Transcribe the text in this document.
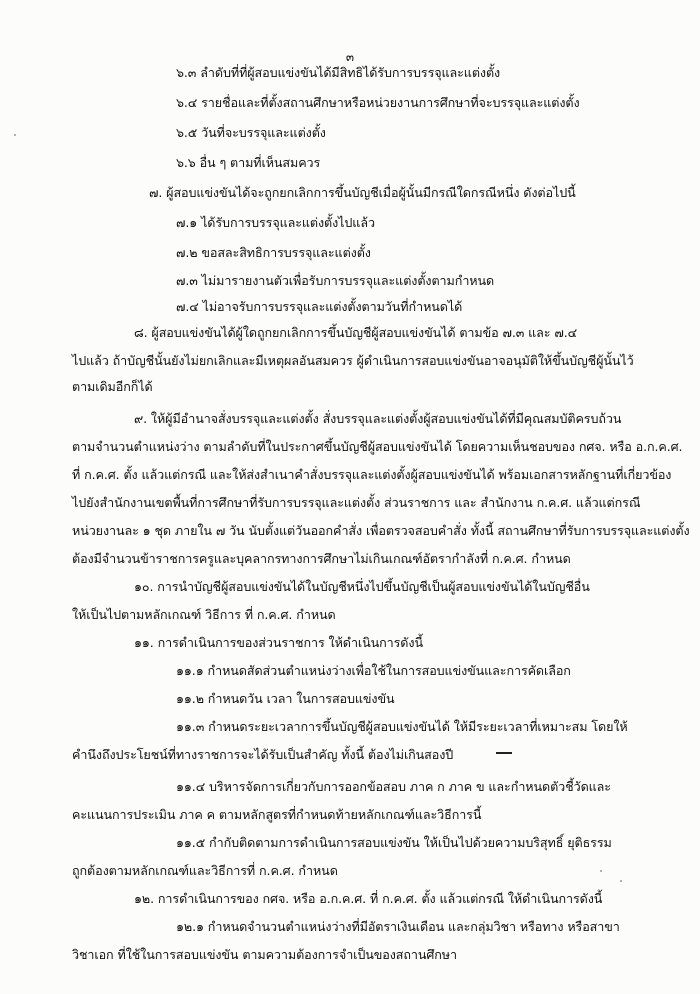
๓
๖.๓ ลำดับที่ที่ผู้สอบแข่งขันได้มีสิทธิได้รับการบรรจุและแต่งตั้ง
๖.๔ รายชื่อและที่ตั้งสถานศึกษาหรือหน่วยงานการศึกษาที่จะบรรจุและแต่งตั้ง
๖.๕ วันที่จะบรรจุและแต่งตั้ง
๖.๖ อื่น ๆ ตามที่เห็นสมควร
๗. ผู้สอบแข่งขันได้จะถูกยกเลิกการขึ้นบัญชีเมื่อผู้นั้นมีกรณีใดกรณีหนึ่ง ดังต่อไปนี้
๗.๑ ได้รับการบรรจุและแต่งตั้งไปแล้ว
๗.๒ ขอสละสิทธิการบรรจุและแต่งตั้ง
๗.๓ ไม่มารายงานตัวเพื่อรับการบรรจุและแต่งตั้งตามกำหนด
๗.๔ ไม่อาจรับการบรรจุและแต่งตั้งตามวันที่กำหนดได้
๘. ผู้สอบแข่งขันได้ผู้ใดถูกยกเลิกการขึ้นบัญชีผู้สอบแข่งขันได้ ตามข้อ ๗.๓ และ ๗.๔
ไปแล้ว ถ้าบัญชีนั้นยังไม่ยกเลิกและมีเหตุผลอันสมควร ผู้ดำเนินการสอบแข่งขันอาจอนุมัติให้ขึ้นบัญชีผู้นั้นไว้
ตามเดิมอีกก็ได้
๙. ให้ผู้มีอำนาจสั่งบรรจุและแต่งตั้ง สั่งบรรจุและแต่งตั้งผู้สอบแข่งขันได้ที่มีคุณสมบัติครบถ้วน
ตามจำนวนตำแหน่งว่าง ตามลำดับที่ในประกาศขึ้นบัญชีผู้สอบแข่งขันได้ โดยความเห็นชอบของ กศจ. หรือ อ.ก.ค.ศ.
ที่ ก.ค.ศ. ตั้ง แล้วแต่กรณี และให้ส่งสำเนาคำสั่งบรรจุและแต่งตั้งผู้สอบแข่งขันได้ พร้อมเอกสารหลักฐานที่เกี่ยวข้อง
ไปยังสำนักงานเขตพื้นที่การศึกษาที่รับการบรรจุและแต่งตั้ง ส่วนราชการ และ สำนักงาน ก.ค.ศ. แล้วแต่กรณี
หน่วยงานละ ๑ ชุด ภายใน ๗ วัน นับตั้งแต่วันออกคำสั่ง เพื่อตรวจสอบคำสั่ง ทั้งนี้ สถานศึกษาที่รับการบรรจุและแต่งตั้ง
ต้องมีจำนวนข้าราชการครูและบุคลากรทางการศึกษาไม่เกินเกณฑ์อัตรากำลังที่ ก.ค.ศ. กำหนด
๑๐. การนำบัญชีผู้สอบแข่งขันได้ในบัญชีหนึ่งไปขึ้นบัญชีเป็นผู้สอบแข่งขันได้ในบัญชีอื่น
ให้เป็นไปตามหลักเกณฑ์ วิธีการ ที่ ก.ค.ศ. กำหนด
๑๑. การดำเนินการของส่วนราชการ ให้ดำเนินการดังนี้
๑๑.๑ กำหนดสัดส่วนตำแหน่งว่างเพื่อใช้ในการสอบแข่งขันและการคัดเลือก
๑๑.๒ กำหนดวัน เวลา ในการสอบแข่งขัน
๑๑.๓ กำหนดระยะเวลาการขึ้นบัญชีผู้สอบแข่งขันได้ ให้มีระยะเวลาที่เหมาะสม โดยให้
คำนึงถึงประโยชน์ที่ทางราชการจะได้รับเป็นสำคัญ ทั้งนี้ ต้องไม่เกินสองปี
๑๑.๔ บริหารจัดการเกี่ยวกับการออกข้อสอบ ภาค ก ภาค ข และกำหนดตัวชี้วัดและ
คะแนนการประเมิน ภาค ค ตามหลักสูตรที่กำหนดท้ายหลักเกณฑ์และวิธีการนี้
๑๑.๕ กำกับติดตามการดำเนินการสอบแข่งขัน ให้เป็นไปด้วยความบริสุทธิ์ ยุติธรรม
ถูกต้องตามหลักเกณฑ์และวิธีการที่ ก.ค.ศ. กำหนด
๑๒. การดำเนินการของ กศจ. หรือ อ.ก.ค.ศ. ที่ ก.ค.ศ. ตั้ง แล้วแต่กรณี ให้ดำเนินการดังนี้
๑๒.๑ กำหนดจำนวนตำแหน่งว่างที่มีอัตราเงินเดือน และกลุ่มวิชา หรือทาง หรือสาขา
วิชาเอก ที่ใช้ในการสอบแข่งขัน ตามความต้องการจำเป็นของสถานศึกษา
